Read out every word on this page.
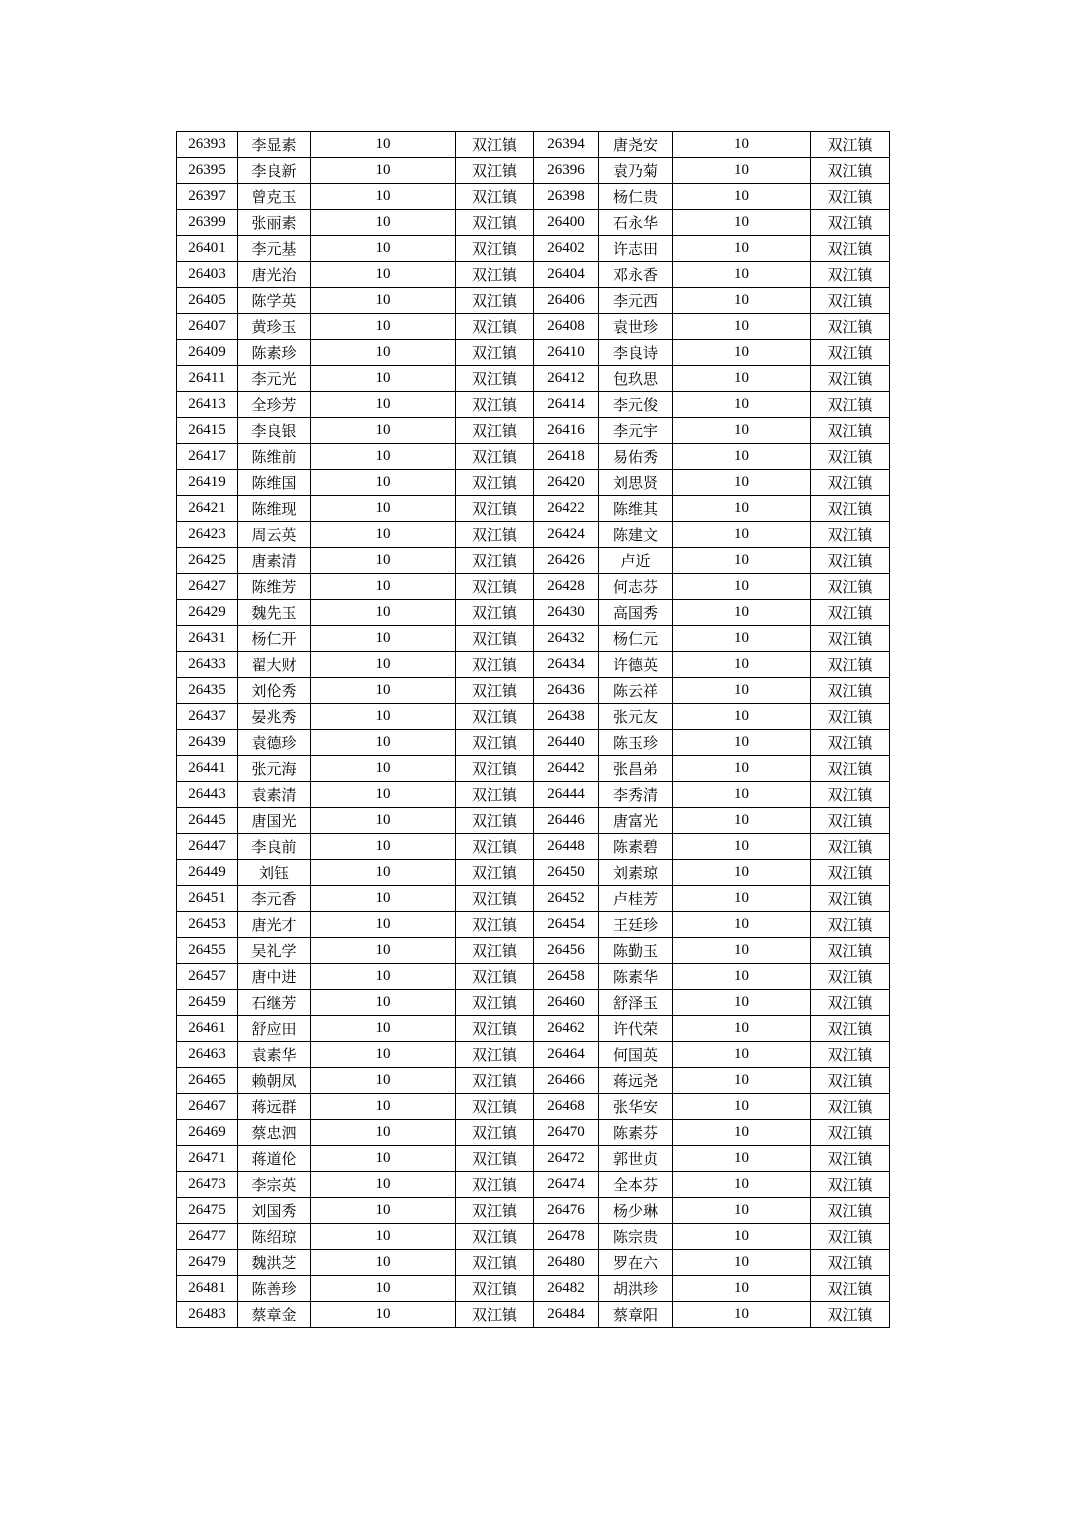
26393	李显素	10	双江镇	26394	唐尧安	10	双江镇
26395	李良新	10	双江镇	26396	袁乃菊	10	双江镇
26397	曾克玉	10	双江镇	26398	杨仁贵	10	双江镇
26399	张丽素	10	双江镇	26400	石永华	10	双江镇
26401	李元基	10	双江镇	26402	许志田	10	双江镇
26403	唐光治	10	双江镇	26404	邓永香	10	双江镇
26405	陈学英	10	双江镇	26406	李元西	10	双江镇
26407	黄珍玉	10	双江镇	26408	袁世珍	10	双江镇
26409	陈素珍	10	双江镇	26410	李良诗	10	双江镇
26411	李元光	10	双江镇	26412	包玖思	10	双江镇
26413	全珍芳	10	双江镇	26414	李元俊	10	双江镇
26415	李良银	10	双江镇	26416	李元宇	10	双江镇
26417	陈维前	10	双江镇	26418	易佑秀	10	双江镇
26419	陈维国	10	双江镇	26420	刘思贤	10	双江镇
26421	陈维现	10	双江镇	26422	陈维其	10	双江镇
26423	周云英	10	双江镇	26424	陈建文	10	双江镇
26425	唐素清	10	双江镇	26426	卢近	10	双江镇
26427	陈维芳	10	双江镇	26428	何志芬	10	双江镇
26429	魏先玉	10	双江镇	26430	高国秀	10	双江镇
26431	杨仁开	10	双江镇	26432	杨仁元	10	双江镇
26433	翟大财	10	双江镇	26434	许德英	10	双江镇
26435	刘伦秀	10	双江镇	26436	陈云祥	10	双江镇
26437	晏兆秀	10	双江镇	26438	张元友	10	双江镇
26439	袁德珍	10	双江镇	26440	陈玉珍	10	双江镇
26441	张元海	10	双江镇	26442	张昌弟	10	双江镇
26443	袁素清	10	双江镇	26444	李秀清	10	双江镇
26445	唐国光	10	双江镇	26446	唐富光	10	双江镇
26447	李良前	10	双江镇	26448	陈素碧	10	双江镇
26449	刘钰	10	双江镇	26450	刘素琼	10	双江镇
26451	李元香	10	双江镇	26452	卢桂芳	10	双江镇
26453	唐光才	10	双江镇	26454	王廷珍	10	双江镇
26455	吴礼学	10	双江镇	26456	陈勤玉	10	双江镇
26457	唐中进	10	双江镇	26458	陈素华	10	双江镇
26459	石继芳	10	双江镇	26460	舒泽玉	10	双江镇
26461	舒应田	10	双江镇	26462	许代荣	10	双江镇
26463	袁素华	10	双江镇	26464	何国英	10	双江镇
26465	赖朝凤	10	双江镇	26466	蒋远尧	10	双江镇
26467	蒋远群	10	双江镇	26468	张华安	10	双江镇
26469	蔡忠泗	10	双江镇	26470	陈素芬	10	双江镇
26471	蒋道伦	10	双江镇	26472	郭世贞	10	双江镇
26473	李宗英	10	双江镇	26474	全本芬	10	双江镇
26475	刘国秀	10	双江镇	26476	杨少琳	10	双江镇
26477	陈绍琼	10	双江镇	26478	陈宗贵	10	双江镇
26479	魏洪芝	10	双江镇	26480	罗在六	10	双江镇
26481	陈善珍	10	双江镇	26482	胡洪珍	10	双江镇
26483	蔡章金	10	双江镇	26484	蔡章阳	10	双江镇
